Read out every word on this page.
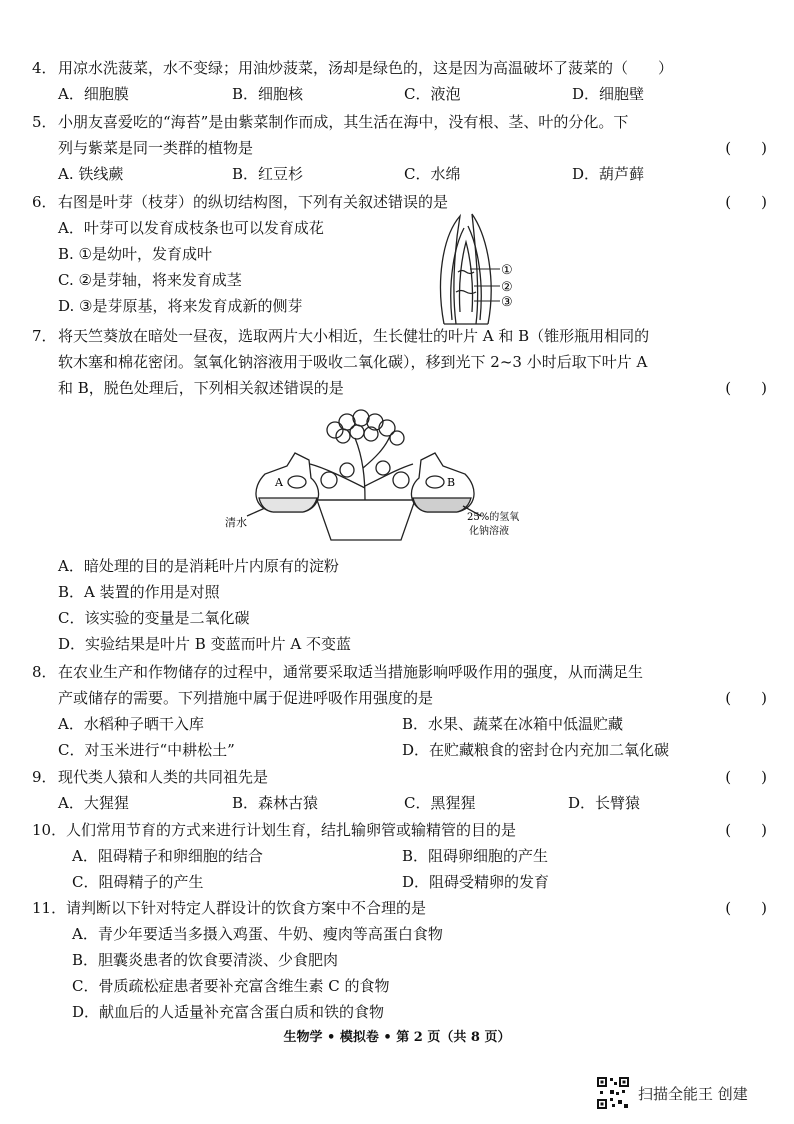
4．用凉水洗菠菜，水不变绿；用油炒菠菜，汤却是绿色的，这是因为高温破坏了菠菜的（　　）
A．细胞膜	B．细胞核	C．液泡	D．细胞壁
5．小朋友喜爱吃的“海苔”是由紫菜制作而成，其生活在海中，没有根、茎、叶的分化。下
列与紫菜是同一类群的植物是	(　　)
A. 铁线蕨	B．红豆杉	C．水绵	D．葫芦藓
6．右图是叶芽（枝芽）的纵切结构图，下列有关叙述错误的是	(　　)
A．叶芽可以发育成枝条也可以发育成花
B. ①是幼叶，发育成叶
C. ②是芽轴，将来发育成茎
D. ③是芽原基，将来发育成新的侧芽
①
②
③
7．将天竺葵放在暗处一昼夜，选取两片大小相近，生长健壮的叶片 A 和 B（锥形瓶用相同的
软木塞和棉花密闭。氢氧化钠溶液用于吸收二氧化碳），移到光下 2~3 小时后取下叶片 A
和 B，脱色处理后，下列相关叙述错误的是	(　　)
A	B
清水	25%的氢氧
化钠溶液
A．暗处理的目的是消耗叶片内原有的淀粉
B．A 装置的作用是对照
C．该实验的变量是二氧化碳
D．实验结果是叶片 B 变蓝而叶片 A 不变蓝
8．在农业生产和作物储存的过程中，通常要采取适当措施影响呼吸作用的强度，从而满足生
产或储存的需要。下列措施中属于促进呼吸作用强度的是	(　　)
A．水稻种子晒干入库	B．水果、蔬菜在冰箱中低温贮藏
C．对玉米进行“中耕松土”	D．在贮藏粮食的密封仓内充加二氧化碳
9．现代类人猿和人类的共同祖先是	(　　)
A．大猩猩	B．森林古猿	C．黑猩猩	D．长臂猿
10．人们常用节育的方式来进行计划生育，结扎输卵管或输精管的目的是	(　　)
A．阻碍精子和卵细胞的结合	B．阻碍卵细胞的产生
C．阻碍精子的产生	D．阻碍受精卵的发育
11．请判断以下针对特定人群设计的饮食方案中不合理的是	(　　)
A．青少年要适当多摄入鸡蛋、牛奶、瘦肉等高蛋白食物
B．胆囊炎患者的饮食要清淡、少食肥肉
C．骨质疏松症患者要补充富含维生素 C 的食物
D．献血后的人适量补充富含蛋白质和铁的食物
生物学 • 模拟卷 • 第 2 页（共 8 页）
扫描全能王 创建
